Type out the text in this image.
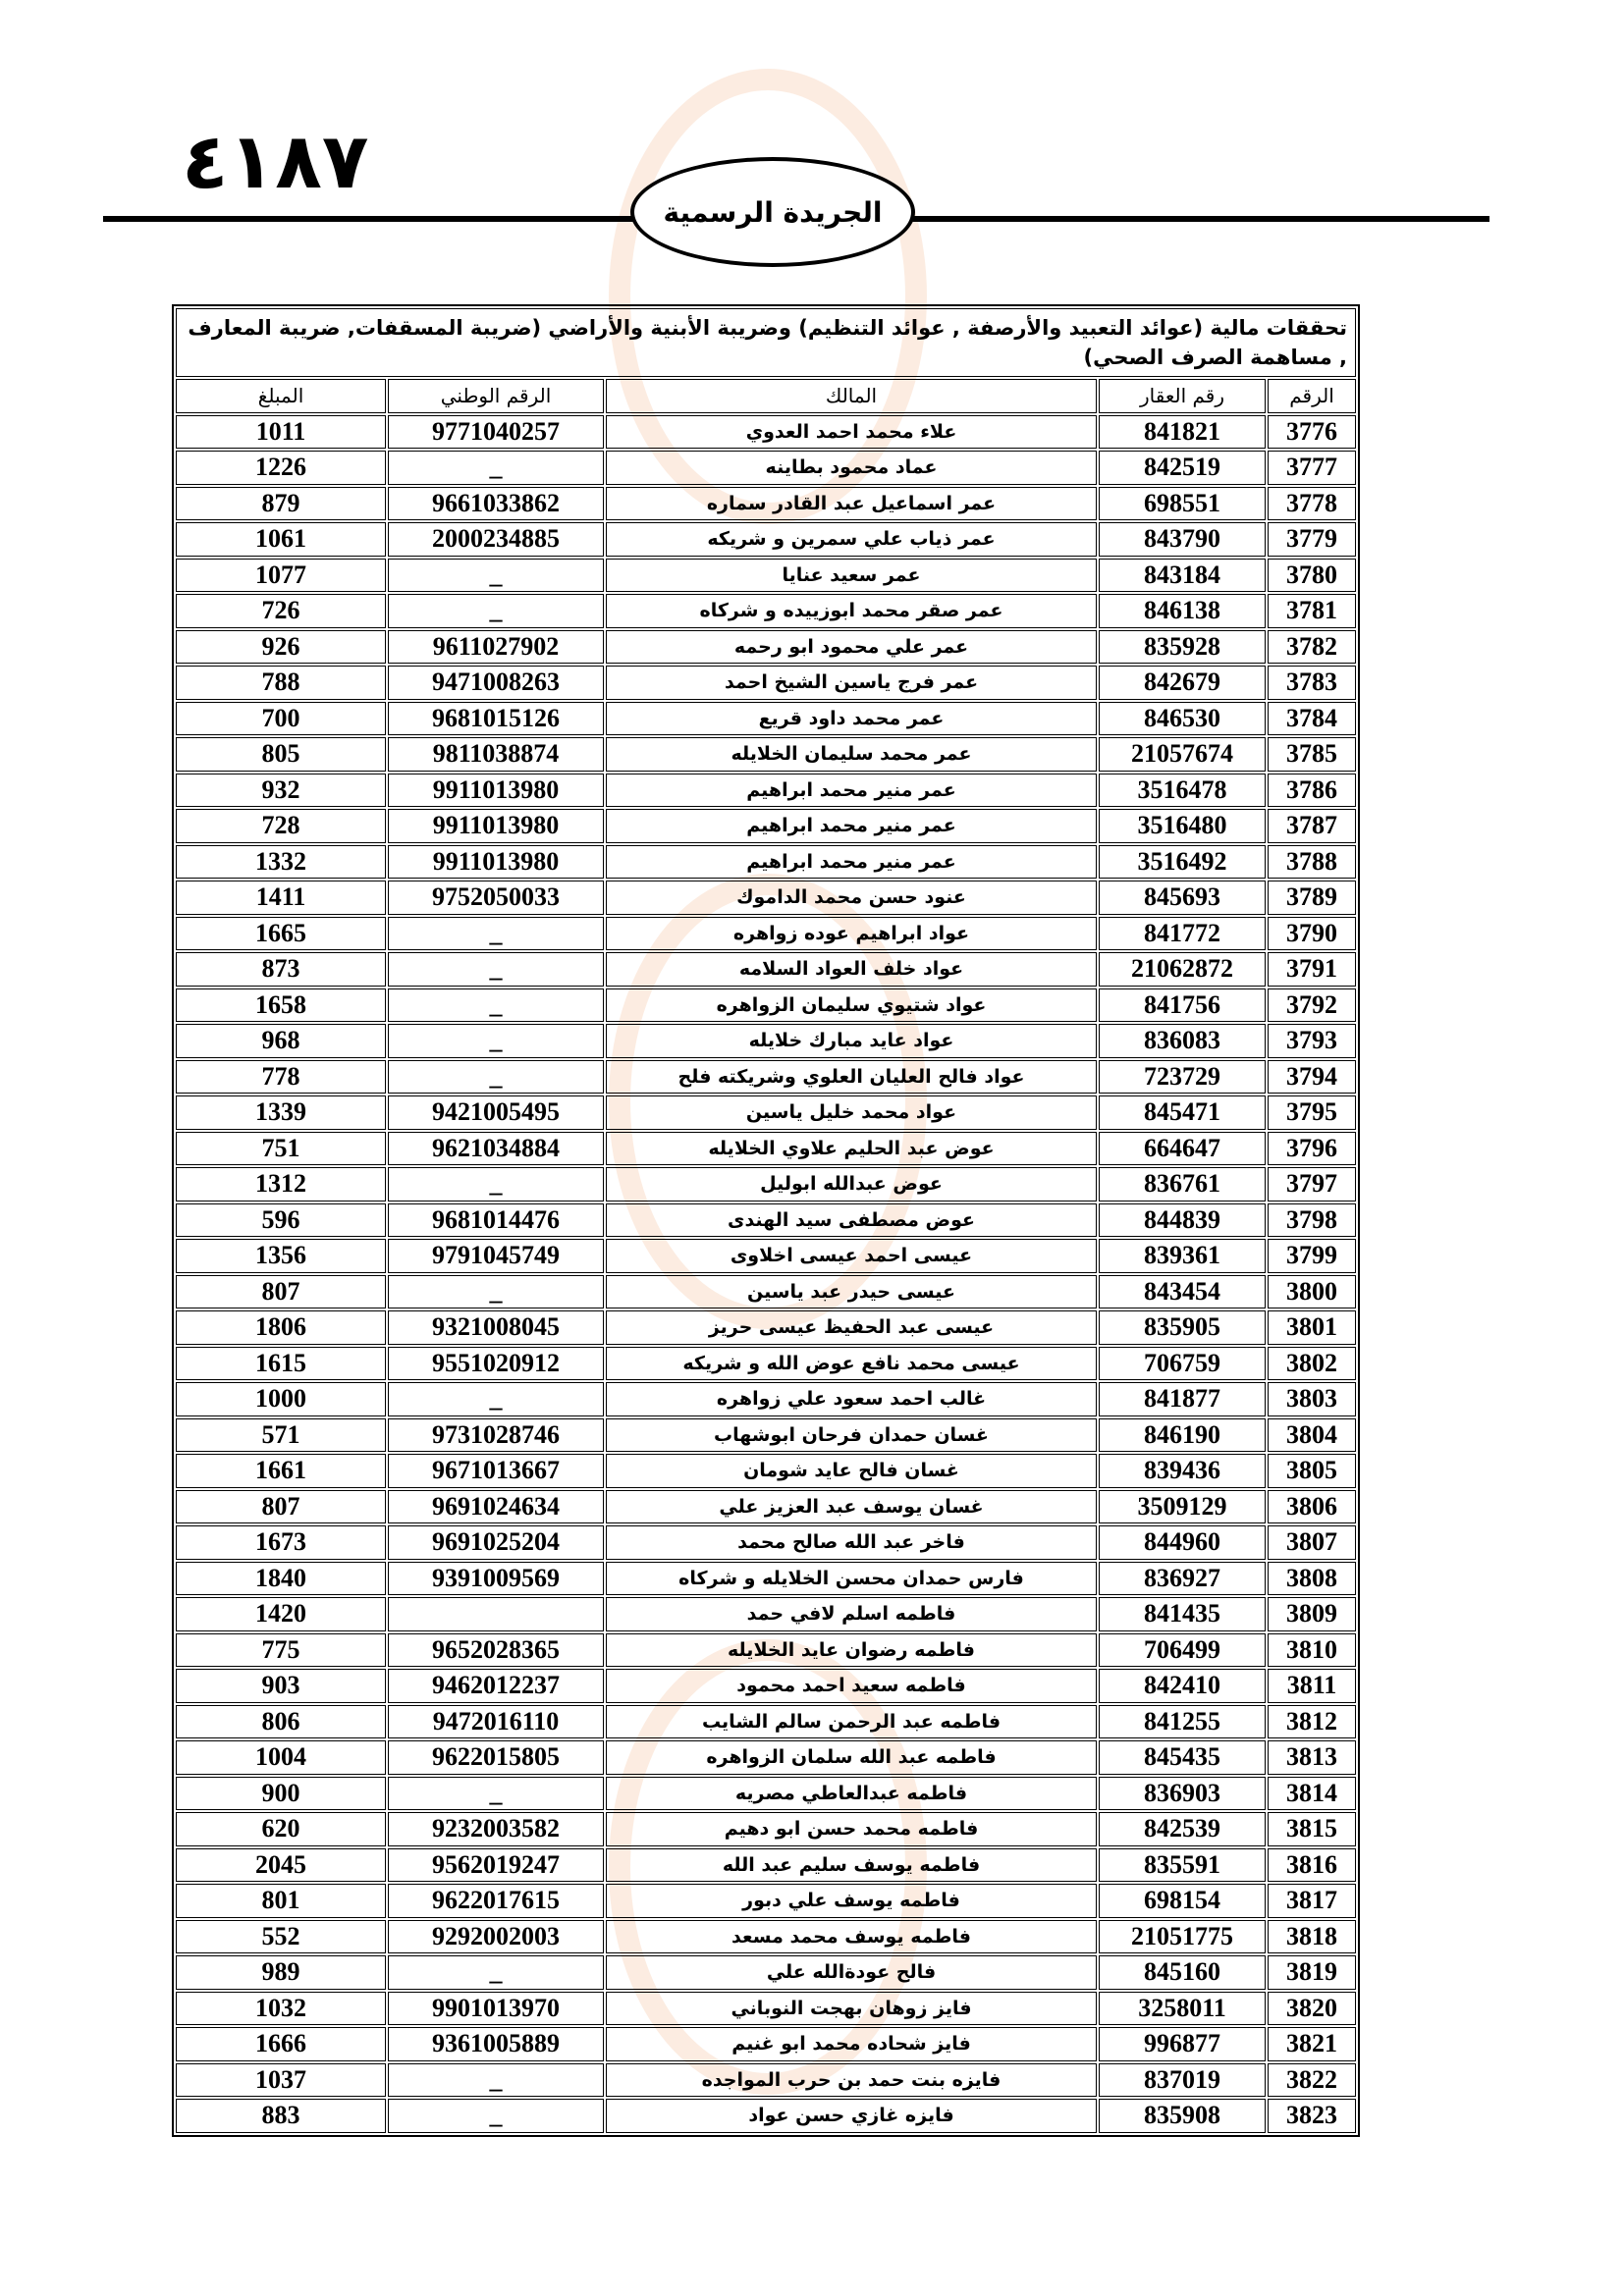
٤١٨٧
الجريدة الرسمية
تحققات مالية (عوائد التعبيد والأرصفة , عوائد التنظيم) وضريبة الأبنية والأراضي (ضريبة المسقفات, ضريبة المعارف , مساهمة الصرف الصحي)				
الرقم	رقم العقار	المالك	الرقم الوطني	المبلغ
3776	841821	علاء محمد احمد العدوي	9771040257	1011
3777	842519	عماد محمود بطاينه	_	1226
3778	698551	عمر اسماعيل عبد القادر سماره	9661033862	879
3779	843790	عمر ذياب علي سمرين و شريكه	2000234885	1061
3780	843184	عمر سعيد عنايا	_	1077
3781	846138	عمر صقر محمد ابوزييده و شركاه	_	726
3782	835928	عمر علي محمود ابو رحمه	9611027902	926
3783	842679	عمر فرج ياسين الشيخ احمد	9471008263	788
3784	846530	عمر محمد داود قريع	9681015126	700
3785	21057674	عمر محمد سليمان الخلايله	9811038874	805
3786	3516478	عمر منير محمد ابراهيم	9911013980	932
3787	3516480	عمر منير محمد ابراهيم	9911013980	728
3788	3516492	عمر منير محمد ابراهيم	9911013980	1332
3789	845693	عنود حسن محمد الداموك	9752050033	1411
3790	841772	عواد ابراهيم عوده زواهره	_	1665
3791	21062872	عواد خلف العواد السلامه	_	873
3792	841756	عواد شتيوي سليمان الزواهره	_	1658
3793	836083	عواد عايد مبارك خلايله	_	968
3794	723729	عواد فالح العليان العلوي وشريكته فلح	_	778
3795	845471	عواد محمد خليل ياسين	9421005495	1339
3796	664647	عوض عبد الحليم علاوي الخلايله	9621034884	751
3797	836761	عوض عبدالله ابوليل	_	1312
3798	844839	عوض مصطفى سيد الهندى	9681014476	596
3799	839361	عيسى احمد عيسى اخلاوى	9791045749	1356
3800	843454	عيسى حيدر عبد ياسين	_	807
3801	835905	عيسى عبد الحفيظ عيسى حريز	9321008045	1806
3802	706759	عيسى محمد نافع عوض الله و شريكه	9551020912	1615
3803	841877	غالب احمد سعود علي زواهره	_	1000
3804	846190	غسان حمدان فرحان ابوشهاب	9731028746	571
3805	839436	غسان فالح عايد شومان	9671013667	1661
3806	3509129	غسان يوسف عبد العزيز علي	9691024634	807
3807	844960	فاخر عبد الله صالح محمد	9691025204	1673
3808	836927	فارس حمدان محسن الخلايله و شركاه	9391009569	1840
3809	841435	فاطمه اسلم لافي حمد		1420
3810	706499	فاطمه رضوان عايد الخلايله	9652028365	775
3811	842410	فاطمه سعيد احمد محمود	9462012237	903
3812	841255	فاطمه عبد الرحمن سالم الشايب	9472016110	806
3813	845435	فاطمه عبد الله سلمان الزواهره	9622015805	1004
3814	836903	فاطمه عبدالعاطي مصريه	_	900
3815	842539	فاطمه محمد حسن ابو دهيم	9232003582	620
3816	835591	فاطمه يوسف سليم عبد الله	9562019247	2045
3817	698154	فاطمه يوسف علي دبور	9622017615	801
3818	21051775	فاطمه يوسف محمد مسعد	9292002003	552
3819	845160	فالح عودةالله علي	_	989
3820	3258011	فايز زوهان بهجت النوباني	9901013970	1032
3821	996877	فايز شحاده محمد ابو غنيم	9361005889	1666
3822	837019	فايزه بنت حمد بن حرب المواجده	_	1037
3823	835908	فايزه غازي حسن عواد	_	883
